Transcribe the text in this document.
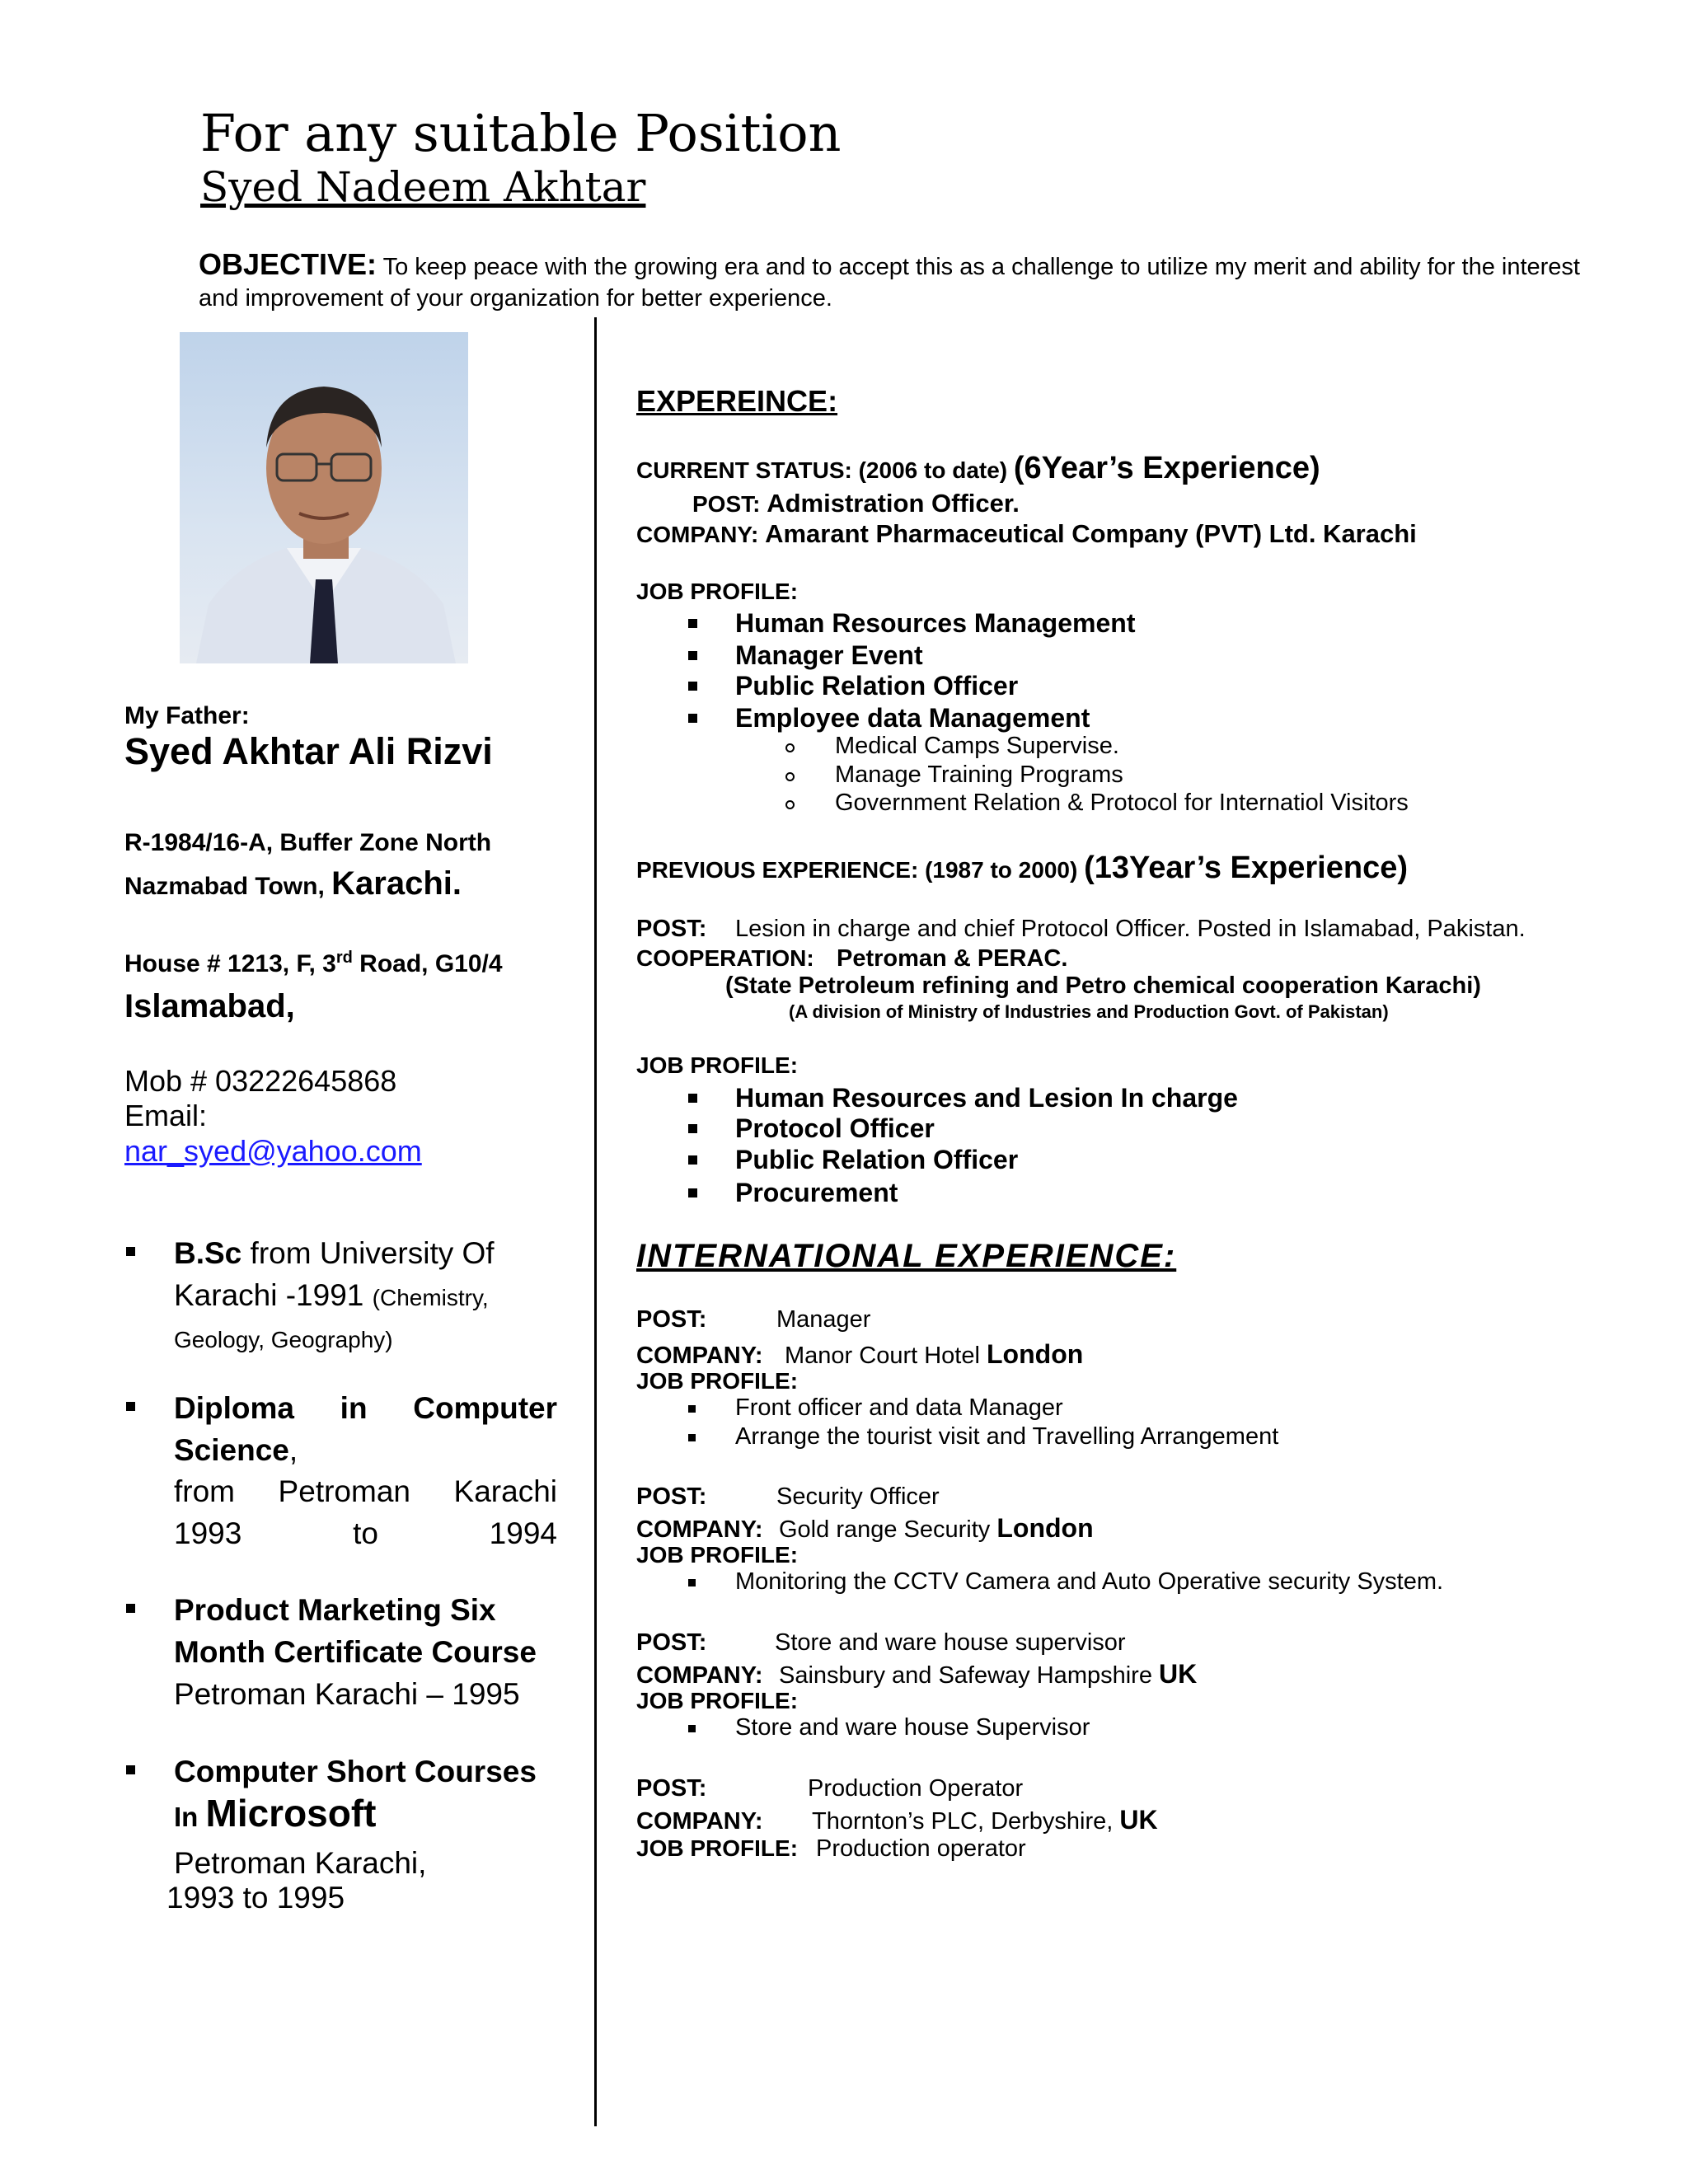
For any suitable Position
Syed Nadeem Akhtar
OBJECTIVE: To keep peace with the growing era and to accept this as a challenge to utilize my merit and ability for the interest and improvement of your organization for better experience.
My Father:
Syed Akhtar Ali Rizvi
R-1984/16-A, Buffer Zone North
Nazmabad Town, Karachi.
House # 1213, F, 3rd Road, G10/4
Islamabad,
Mob # 03222645868
Email:
nar_syed@yahoo.com
B.Sc from University Of Karachi -1991 (Chemistry, Geology, Geography)
Diploma in Computer Science,
from Petroman Karachi 1993 to 1994
Product Marketing Six Month Certificate Course
Petroman Karachi – 1995
Computer Short Courses
In Microsoft
Petroman Karachi,
1993 to 1995
EXPEREINCE:
CURRENT STATUS: (2006 to date) (6Year’s Experience)
POST: Admistration Officer.
COMPANY: Amarant Pharmaceutical Company (PVT) Ltd. Karachi
JOB PROFILE:
Human Resources Management
Manager Event
Public Relation Officer
Employee data Management
Medical Camps Supervise.
Manage Training Programs
Government Relation & Protocol for Internatiol Visitors
PREVIOUS EXPERIENCE: (1987 to 2000) (13Year’s Experience)
POST: Lesion in charge and chief Protocol Officer. Posted in Islamabad, Pakistan.
COOPERATION: Petroman & PERAC.
(State Petroleum refining and Petro chemical cooperation Karachi)
(A division of Ministry of Industries and Production Govt. of Pakistan)
JOB PROFILE:
Human Resources and Lesion In charge
Protocol Officer
Public Relation Officer
Procurement
INTERNATIONAL EXPERIENCE:
POST:	Manager
COMPANY: Manor Court Hotel London
JOB PROFILE:
Front officer and data Manager
Arrange the tourist visit and Travelling Arrangement
POST:	Security Officer
COMPANY: Gold range Security London
JOB PROFILE:
Monitoring the CCTV Camera and Auto Operative security System.
POST:	Store and ware house supervisor
COMPANY: Sainsbury and Safeway Hampshire UK
JOB PROFILE:
Store and ware house Supervisor
POST:	Production Operator
COMPANY: Thornton’s PLC, Derbyshire, UK
JOB PROFILE: Production operator
